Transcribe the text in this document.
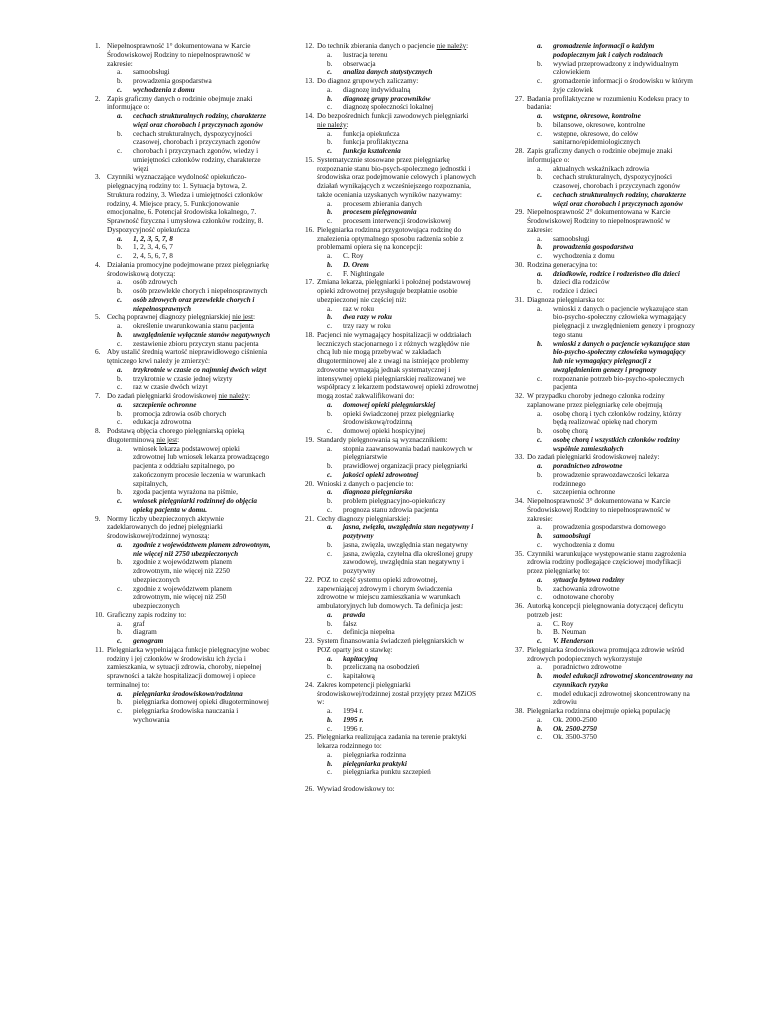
1. Niepełnosprawność 1° dokumentowana w Karcie Środowiskowej Rodziny to niepełnosprawność w zakresie:
a. samoobsługi
b. prowadzenia gospodarstwa
c. wychodzenia z domu
2. Zapis graficzny danych o rodzinie obejmuje znaki informujące o:
a. cechach strukturalnych rodziny, charakterze więzi oraz chorobach i przyczynach zgonów
b. cechach strukturalnych, dyspozycyjności czasowej, chorobach i przyczynach zgonów
c. chorobach i przyczynach zgonów, wiedzy i umiejętności członków rodziny, charakterze więzi
3. Czynniki wyznaczające wydolność opiekuńczo-pielęgnacyjną rodziny to: 1. Sytuacja bytowa, 2. Struktura rodziny, 3. Wiedza i umiejętności członków rodziny, 4. Miejsce pracy, 5. Funkcjonowanie emocjonalne, 6. Potencjał środowiska lokalnego, 7. Sprawność fizyczna i umysłowa członków rodziny, 8. Dyspozycyjność opiekuńcza
a. 1, 2, 3, 5, 7, 8
b. 1, 2, 3, 4, 6, 7
c. 2, 4, 5, 6, 7, 8
4. Działania promocyjne podejmowane przez pielęgniarkę środowiskową dotyczą:
a. osób zdrowych
b. osób przewlekle chorych i niepełnosprawnych
c. osób zdrowych oraz przewlekle chorych i niepełnosprawnych
5. Cechą poprawnej diagnozy pielęgniarskiej nie jest:
a. określenie uwarunkowania stanu pacjenta
b. uwzględnienie wyłącznie stanów negatywnych
c. zestawienie zbioru przyczyn stanu pacjenta
6. Aby ustalić średnią wartość nieprawidłowego ciśnienia tętniczego krwi należy je zmierzyć:
a. trzykrotnie w czasie co najmniej dwóch wizyt
b. trzykrotnie w czasie jednej wizyty
c. raz w czasie dwóch wizyt
7. Do zadań pielęgniarki środowiskowej nie należy:
a. szczepienie ochronne
b. promocja zdrowia osób chorych
c. edukacja zdrowotna
8. Podstawą objęcia chorego pielęgniarską opieką długoterminową nie jest:
a. wniosek lekarza podstawowej opieki zdrowotnej lub wniosek lekarza prowadzącego pacjenta z oddziału szpitalnego, po zakończonym procesie leczenia w warunkach szpitalnych,
b. zgoda pacjenta wyrażona na piśmie,
c. wniosek pielęgniarki rodzinnej do objęcia opieką pacjenta w domu.
9. Normy liczby ubezpieczonych aktywnie zadeklarowanych do jednej pielęgniarki środowiskowej/rodzinnej wynoszą:
a. zgodnie z województwem planem zdrowotnym, nie więcej niż 2750 ubezpieczonych
b. zgodnie z województwem planem zdrowotnym, nie więcej niż 2250 ubezpieczonych
c. zgodnie z województwem planem zdrowotnym, nie więcej niż 250 ubezpieczonych
10. Graficzny zapis rodziny to:
a. graf
b. diagram
c. genogram
11. Pielęgniarka wypełniająca funkcje pielęgnacyjne wobec rodziny i jej członków w środowisku ich życia i zamieszkania, w sytuacji zdrowia, choroby, niepełnej sprawności a także hospitalizacji domowej i opiece terminalnej to:
a. pielęgniarka środowiskowa/rodzinna
b. pielęgniarka domowej opieki długoterminowej
c. pielęgniarka środowiska nauczania i wychowania
12. Do technik zbierania danych o pacjencie nie należy:
a. lustracja terenu
b. obserwacja
c. analiza danych statystycznych
13. Do diagnoz grupowych zaliczamy:
a. diagnozę indywidualną
b. diagnozę grupy pracowników
c. diagnozę społeczności lokalnej
14. Do bezpośrednich funkcji zawodowych pielęgniarki nie należy:
a. funkcja opiekuńcza
b. funkcja profilaktyczna
c. funkcja kształcenia
15. Systematycznie stosowane przez pielęgniarkę rozpoznanie stanu bio-psych-społecznego jednostki i środowiska oraz podejmowanie celowych i planowych działań wynikających z wcześniejszego rozpoznania, także oceniania uzyskanych wyników nazywamy:
a. procesem zbierania danych
b. procesem pielęgnowania
c. procesem interwencji środowiskowej
16. Pielęgniarka rodzinna przygotowująca rodzinę do znalezienia optymalnego sposobu radzenia sobie z problemami opiera się na koncepcji:
a. C. Roy
b. D. Orem
c. F. Nightingale
17. Zmiana lekarza, pielęgniarki i położnej podstawowej opieki zdrowotnej przysługuje bezpłatnie osobie ubezpieczonej nie częściej niż:
a. raz w roku
b. dwa razy w roku
c. trzy razy w roku
18. Pacjenci nie wymagający hospitalizacji w oddziałach leczniczych stacjonarnego i z różnych względów nie chcą lub nie mogą przebywać w zakładach długoterminowej ale z uwagi na istniejące problemy zdrowotne wymagają jednak systematycznej i intensywnej opieki pielęgniarskiej realizowanej we współpracy z lekarzem podstawowej opieki zdrowotnej mogą zostać zakwalifikowani do:
a. domowej opieki pielęgniarskiej
b. opieki świadczonej przez pielęgniarkę środowiskową/rodzinną
c. domowej opieki hospicyjnej
19. Standardy pielęgnowania są wyznacznikiem:
a. stopnia zaawansowania badań naukowych w pielęgniarstwie
b. prawidłowej organizacji pracy pielęgniarki
c. jakości opieki zdrowotnej
20. Wnioski z danych o pacjencie to:
a. diagnoza pielęgniarska
b. problem pielęgnacyjno-opiekuńczy
c. prognoza stanu zdrowia pacjenta
21. Cechy diagnozy pielęgniarskiej:
a. jasna, zwięzła, uwzględnia stan negatywny i pozytywny
b. jasna, zwięzła, uwzględnia stan negatywny
c. jasna, zwięzła, czytelna dla określonej grupy zawodowej, uwzględnia stan negatywny i pozytywny
22. POZ to część systemu opieki zdrowotnej, zapewniającej zdrowym i chorym świadczenia zdrowotne w miejscu zamieszkania w warunkach ambulatoryjnych lub domowych. Ta definicja jest:
a. prawda
b. fałsz
c. definicja niepełna
23. System finansowania świadczeń pielęgniarskich w POZ oparty jest o stawkę:
a. kapitacyjną
b. przeliczaną na osobodzień
c. kapitałową
24. Zakres kompetencji pielęgniarki środowiskowej/rodzinnej został przyjęty przez MZiOS w:
a. 1994 r.
b. 1995 r.
c. 1996 r.
25. Pielęgniarka realizująca zadania na terenie praktyki lekarza rodzinnego to:
a. pielęgniarka rodzinna
b. pielęgniarka praktyki
c. pielęgniarka punktu szczepień
26. Wywiad środowiskowy to:
a. gromadzenie informacji o każdym podopiecznym jak i całych rodzinach
b. wywiad przeprowadzony z indywidualnym człowiekiem
c. gromadzenie informacji o środowisku w którym żyje człowiek
27. Badania profilaktyczne w rozumieniu Kodeksu pracy to badania:
a. wstępne, okresowe, kontrolne
b. bilansowe, okresowe, kontrolne
c. wstępne, okresowe, do celów sanitarno/epidemiologicznych
28. Zapis graficzny danych o rodzinie obejmuje znaki informujące o:
a. aktualnych wskaźnikach zdrowia
b. cechach strukturalnych, dyspozycyjności czasowej, chorobach i przyczynach zgonów
c. cechach strukturalnych rodziny, charakterze więzi oraz chorobach i przyczynach zgonów
29. Niepełnosprawność 2° dokumentowana w Karcie Środowiskowej Rodziny to niepełnosprawność w zakresie:
a. samoobsługi
b. prowadzenia gospodarstwa
c. wychodzenia z domu
30. Rodzina generacyjna to:
a. dziadkowie, rodzice i rodzeństwo dla dzieci
b. dzieci dla rodziców
c. rodzice i dzieci
31. Diagnoza pielęgniarska to:
a. wnioski z danych o pacjencie wykazujące stan bio-psycho-społeczny człowieka wymagający pielęgnacji z uwzględnieniem genezy i prognozy tego stanu
b. wnioski z danych o pacjencie wykazujące stan bio-psycho-społeczny człowieka wymagający lub nie wymagający pielęgnacji z uwzględnieniem genezy i prognozy
c. rozpoznanie potrzeb bio-psycho-społecznych pacjenta
32. W przypadku choroby jednego członka rodziny zaplanowane przez pielęgniarkę cele obejmują
a. osobę chorą i tych członków rodziny, którzy będą realizować opiekę nad chorym
b. osobę chorą
c. osobę chorą i wszystkich członków rodziny wspólnie zamieszkałych
33. Do zadań pielęgniarki środowiskowej należy:
a. poradnictwo zdrowotne
b. prowadzenie sprawozdawczości lekarza rodzinnego
c. szczepienia ochronne
34. Niepełnosprawność 3° dokumentowana w Karcie Środowiskowej Rodziny to niepełnosprawność w zakresie:
a. prowadzenia gospodarstwa domowego
b. samoobsługi
c. wychodzenia z domu
35. Czynniki warunkujące występowanie stanu zagrożenia zdrowia rodziny podlegające częściowej modyfikacji przez pielęgniarkę to:
a. sytuacja bytowa rodziny
b. zachowania zdrowotne
c. odnotowane choroby
36. Autorką koncepcji pielęgnowania dotyczącej deficytu potrzeb jest:
a. C. Roy
b. B. Neuman
c. V. Henderson
37. Pielęgniarka środowiskowa promująca zdrowie wśród zdrowych podopiecznych wykorzystuje
a. poradnictwo zdrowotne
b. model edukacji zdrowotnej skoncentrowany na czynnikach ryzyka
c. model edukacji zdrowotnej skoncentrowany na zdrowiu
38. Pielęgniarka rodzinna obejmuje opieką populację
a. Ok. 2000-2500
b. Ok. 2500-2750
c. Ok. 3500-3750
